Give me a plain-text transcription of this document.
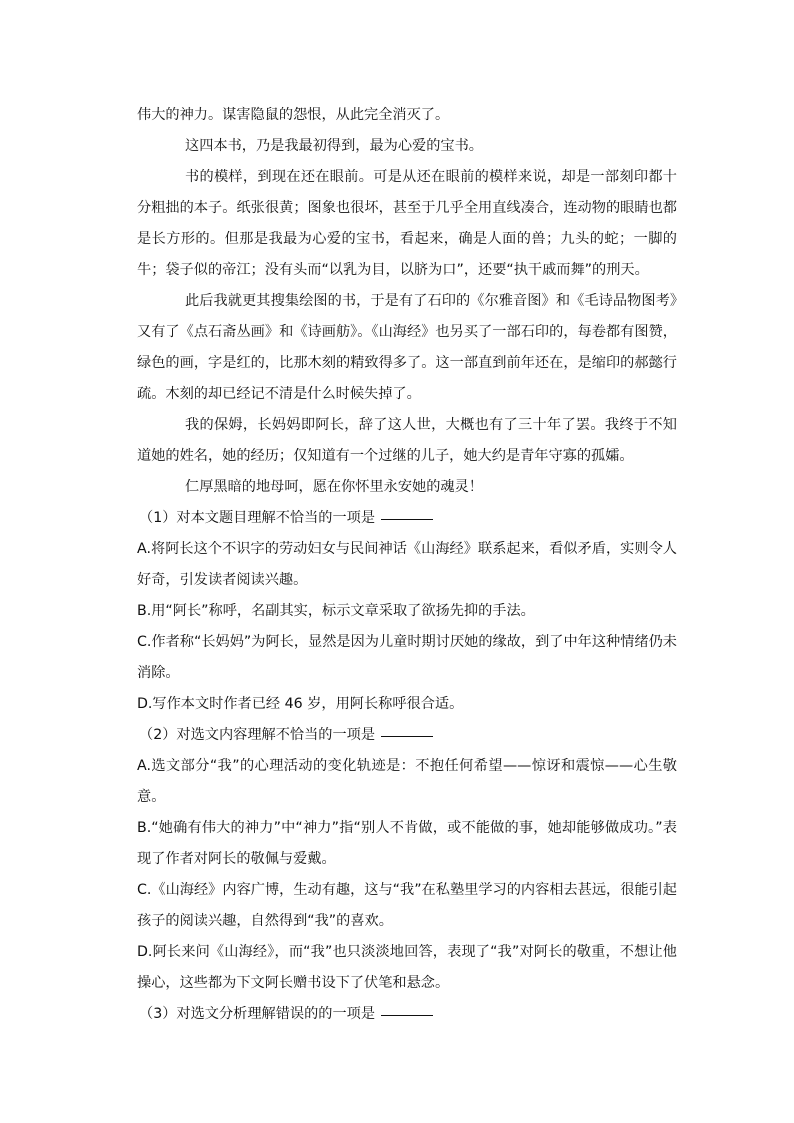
伟大的神力。谋害隐鼠的怨恨，从此完全消灭了。

这四本书，乃是我最初得到，最为心爱的宝书。

书的模样，到现在还在眼前。可是从还在眼前的模样来说，却是一部刻印都十分粗拙的本子。纸张很黄；图象也很坏，甚至于几乎全用直线凑合，连动物的眼睛也都是长方形的。但那是我最为心爱的宝书，看起来，确是人面的兽；九头的蛇；一脚的牛；袋子似的帝江；没有头而“以乳为目，以脐为口”，还要“执干戚而舞”的刑天。

此后我就更其搜集绘图的书，于是有了石印的《尔雅音图》和《毛诗品物图考》又有了《点石斋丛画》和《诗画舫》。《山海经》也另买了一部石印的，每卷都有图赞，绿色的画，字是红的，比那木刻的精致得多了。这一部直到前年还在，是缩印的郝懿行疏。木刻的却已经记不清是什么时候失掉了。

我的保姆，长妈妈即阿长，辞了这人世，大概也有了三十年了罢。我终于不知道她的姓名，她的经历；仅知道有一个过继的儿子，她大约是青年守寡的孤孀。

仁厚黑暗的地母呵，愿在你怀里永安她的魂灵！

（1）对本文题目理解不恰当的一项是

A.将阿长这个不识字的劳动妇女与民间神话《山海经》联系起来，看似矛盾，实则令人好奇，引发读者阅读兴趣。

B.用“阿长”称呼，名副其实，标示文章采取了欲扬先抑的手法。

C.作者称“长妈妈”为阿长，显然是因为儿童时期讨厌她的缘故，到了中年这种情绪仍未消除。

D.写作本文时作者已经 46 岁，用阿长称呼很合适。

（2）对选文内容理解不恰当的一项是

A.选文部分“我”的心理活动的变化轨迹是：不抱任何希望——惊讶和震惊——心生敬意。

B.“她确有伟大的神力”中“神力”指“别人不肯做，或不能做的事，她却能够做成功。”表现了作者对阿长的敬佩与爱戴。

C.《山海经》内容广博，生动有趣，这与“我”在私塾里学习的内容相去甚远，很能引起孩子的阅读兴趣，自然得到“我”的喜欢。

D.阿长来问《山海经》，而“我”也只淡淡地回答，表现了“我”对阿长的敬重，不想让他操心，这些都为下文阿长赠书设下了伏笔和悬念。

（3）对选文分析理解错误的的一项是
